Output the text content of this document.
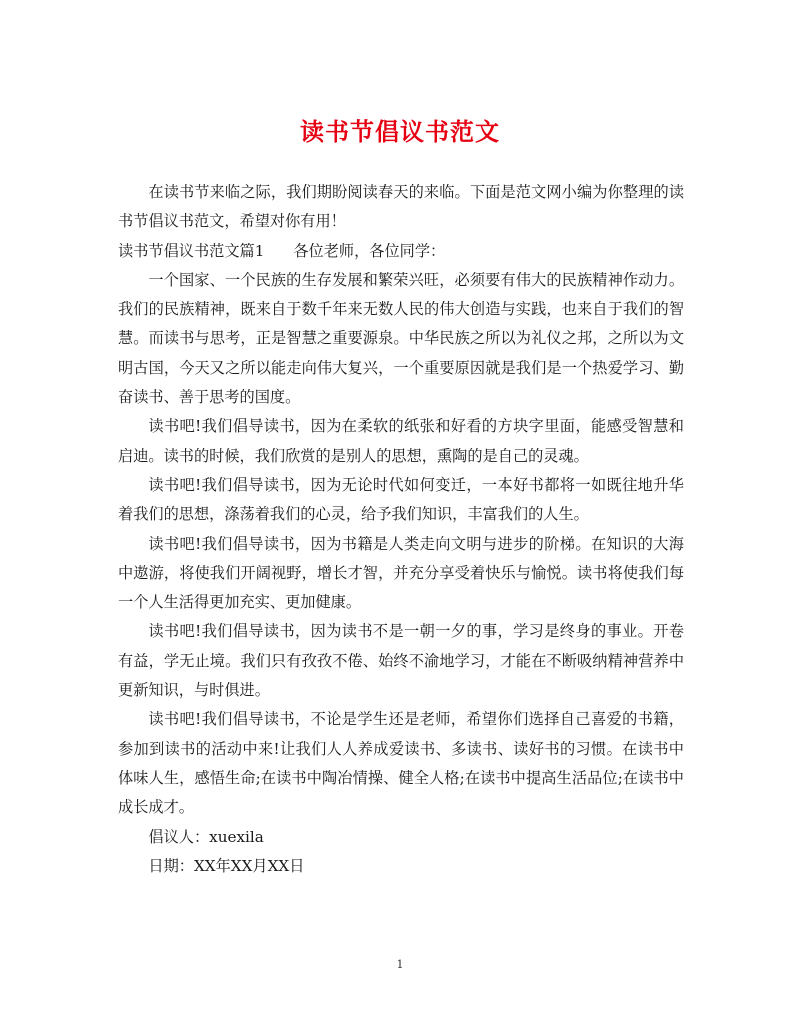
读书节倡议书范文

在读书节来临之际，我们期盼阅读春天的来临。下面是范文网小编为你整理的读书节倡议书范文，希望对你有用！

读书节倡议书范文篇1 各位老师，各位同学：

一个国家、一个民族的生存发展和繁荣兴旺，必须要有伟大的民族精神作动力。我们的民族精神，既来自于数千年来无数人民的伟大创造与实践，也来自于我们的智慧。而读书与思考，正是智慧之重要源泉。中华民族之所以为礼仪之邦，之所以为文明古国，今天又之所以能走向伟大复兴，一个重要原因就是我们是一个热爱学习、勤奋读书、善于思考的国度。

读书吧!我们倡导读书，因为在柔软的纸张和好看的方块字里面，能感受智慧和启迪。读书的时候，我们欣赏的是别人的思想，熏陶的是自己的灵魂。

读书吧!我们倡导读书，因为无论时代如何变迁，一本好书都将一如既往地升华着我们的思想，涤荡着我们的心灵，给予我们知识，丰富我们的人生。

读书吧!我们倡导读书，因为书籍是人类走向文明与进步的阶梯。在知识的大海中遨游，将使我们开阔视野，增长才智，并充分享受着快乐与愉悦。读书将使我们每一个人生活得更加充实、更加健康。

读书吧!我们倡导读书，因为读书不是一朝一夕的事，学习是终身的事业。开卷有益，学无止境。我们只有孜孜不倦、始终不渝地学习，才能在不断吸纳精神营养中更新知识，与时俱进。

读书吧!我们倡导读书，不论是学生还是老师，希望你们选择自己喜爱的书籍，参加到读书的活动中来!让我们人人养成爱读书、多读书、读好书的习惯。在读书中体味人生，感悟生命;在读书中陶冶情操、健全人格;在读书中提高生活品位;在读书中成长成才。

倡议人：xuexila

日期：XX年XX月XX日

1
